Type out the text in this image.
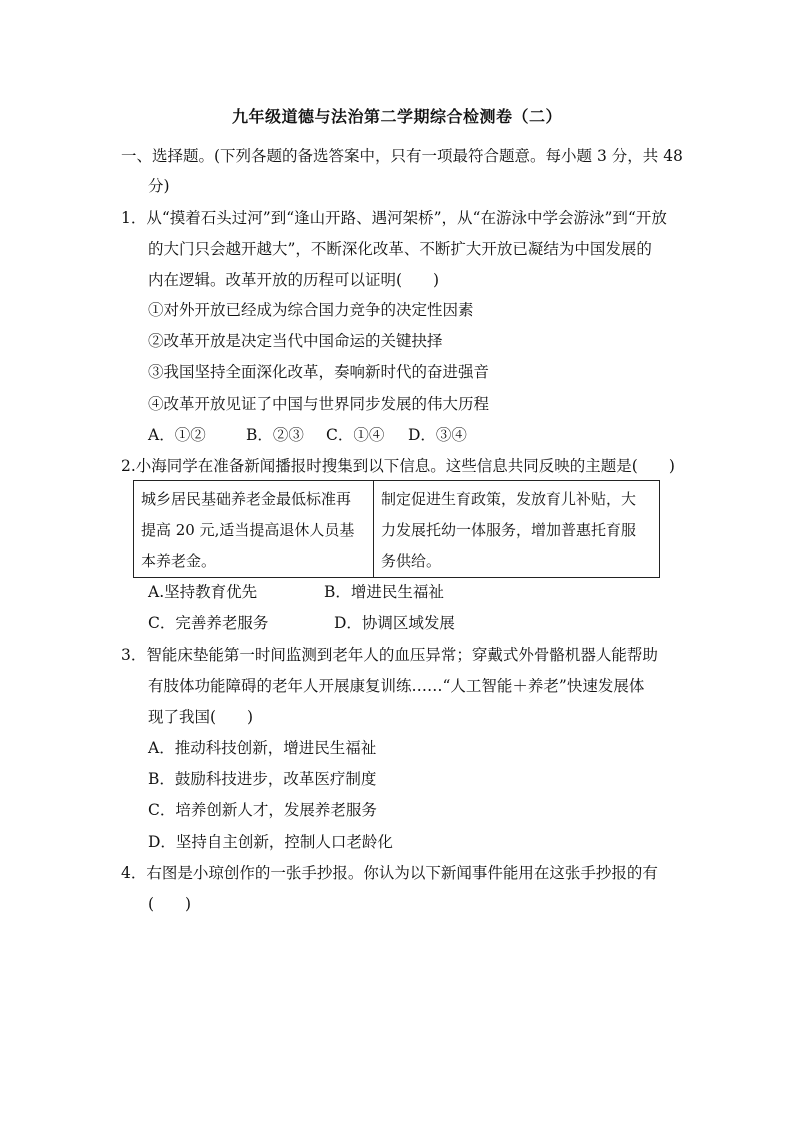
九年级道德与法治第二学期综合检测卷（二）
一、选择题。(下列各题的备选答案中，只有一项最符合题意。每小题 3 分，共 48
分)
1．从“摸着石头过河”到“逢山开路、遇河架桥”，从“在游泳中学会游泳”到“开放
的大门只会越开越大”，不断深化改革、不断扩大开放已凝结为中国发展的
内在逻辑。改革开放的历程可以证明(　　)
①对外开放已经成为综合国力竞争的决定性因素
②改革开放是决定当代中国命运的关键抉择
③我国坚持全面深化改革，奏响新时代的奋进强音
④改革开放见证了中国与世界同步发展的伟大历程
A．①②	B．②③ C．①④ D．③④
2.小海同学在准备新闻播报时搜集到以下信息。这些信息共同反映的主题是(　　)
城乡居民基础养老金最低标准再
提高 20 元,适当提高退休人员基
本养老金。

制定促进生育政策，发放育儿补贴，大
力发展托幼一体服务，增加普惠托育服
务供给。
A.坚持教育优先	B．增进民生福祉
C．完善养老服务	D．协调区域发展
3．智能床垫能第一时间监测到老年人的血压异常；穿戴式外骨骼机器人能帮助
有肢体功能障碍的老年人开展康复训练……“人工智能＋养老”快速发展体
现了我国(　　)
A．推动科技创新，增进民生福祉
B．鼓励科技进步，改革医疗制度
C．培养创新人才，发展养老服务
D．坚持自主创新，控制人口老龄化
4．右图是小琼创作的一张手抄报。你认为以下新闻事件能用在这张手抄报的有
(　　)
